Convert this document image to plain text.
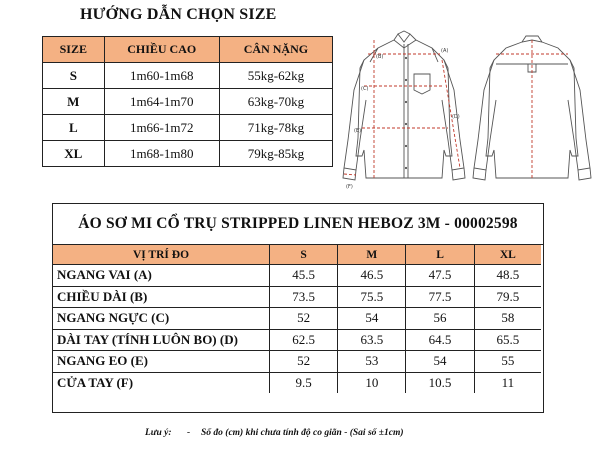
HƯỚNG DẪN CHỌN SIZE
SIZE	CHIỀU CAO	CÂN NẶNG
S	1m60-1m68	55kg-62kg
M	1m64-1m70	63kg-70kg
L	1m66-1m72	71kg-78kg
XL	1m68-1m80	79kg-85kg
(A)
(B)
(C)
(D)
(E)
(F)
ÁO SƠ MI CỔ TRỤ STRIPPED LINEN HEBOZ 3M - 00002598
VỊ TRÍ ĐO	S	M	L	XL
NGANG VAI (A)	45.5	46.5	47.5	48.5
CHIỀU DÀI (B)	73.5	75.5	77.5	79.5
NGANG NGỰC (C)	52	54	56	58
DÀI TAY (TÍNH LUÔN BO) (D)	62.5	63.5	64.5	65.5
NGANG EO (E)	52	53	54	55
CỬA TAY (F)	9.5	10	10.5	11
Lưu ý: - Số đo (cm) khi chưa tính độ co giãn - (Sai số ±1cm)
